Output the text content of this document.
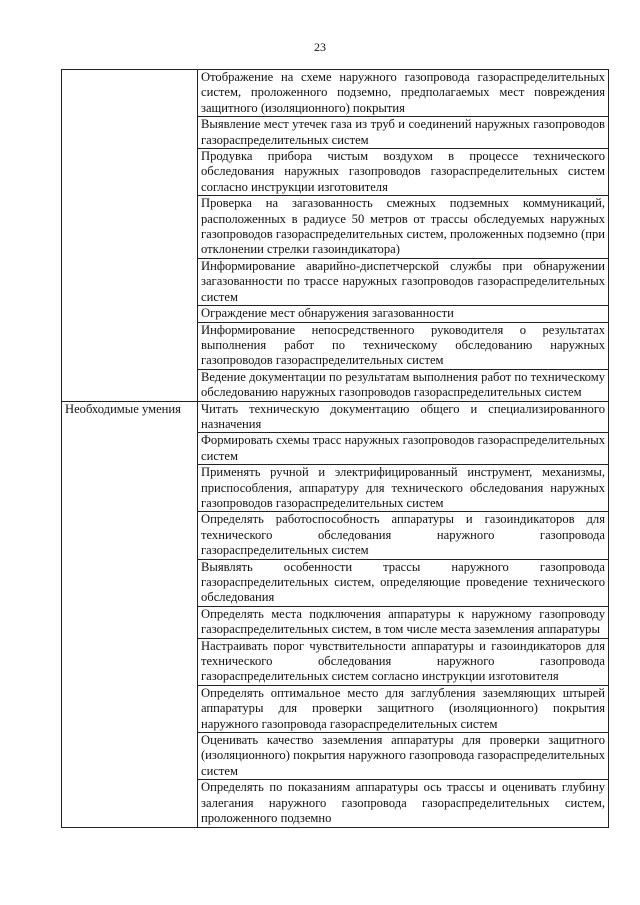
23

	Отображение на схеме наружного газопровода газораспределительных систем, проложенного подземно, предполагаемых мест повреждения защитного (изоляционного) покрытия

	Выявление мест утечек газа из труб и соединений наружных газопроводов газораспределительных систем

	Продувка прибора чистым воздухом в процессе технического обследования наружных газопроводов газораспределительных систем согласно инструкции изготовителя

	Проверка на загазованность смежных подземных коммуникаций, расположенных в радиусе 50 метров от трассы обследуемых наружных газопроводов газораспределительных систем, проложенных подземно (при отклонении стрелки газоиндикатора)

	Информирование аварийно-диспетчерской службы при обнаружении загазованности по трассе наружных газопроводов газораспределительных систем

	Ограждение мест обнаружения загазованности

	Информирование непосредственного руководителя о результатах выполнения работ по техническому обследованию наружных газопроводов газораспределительных систем

	Ведение документации по результатам выполнения работ по техническому обследованию наружных газопроводов газораспределительных систем

Необходимые умения	Читать техническую документацию общего и специализированного назначения

	Формировать схемы трасс наружных газопроводов газораспределительных систем

	Применять ручной и электрифицированный инструмент, механизмы, приспособления, аппаратуру для технического обследования наружных газопроводов газораспределительных систем

	Определять работоспособность аппаратуры и газоиндикаторов для технического обследования наружного газопровода газораспределительных систем

	Выявлять особенности трассы наружного газопровода газораспределительных систем, определяющие проведение технического обследования

	Определять места подключения аппаратуры к наружному газопроводу газораспределительных систем, в том числе места заземления аппаратуры

	Настраивать порог чувствительности аппаратуры и газоиндикаторов для технического обследования наружного газопровода газораспределительных систем согласно инструкции изготовителя

	Определять оптимальное место для заглубления заземляющих штырей аппаратуры для проверки защитного (изоляционного) покрытия наружного газопровода газораспределительных систем

	Оценивать качество заземления аппаратуры для проверки защитного (изоляционного) покрытия наружного газопровода газораспределительных систем

	Определять по показаниям аппаратуры ось трассы и оценивать глубину залегания наружного газопровода газораспределительных систем, проложенного подземно
